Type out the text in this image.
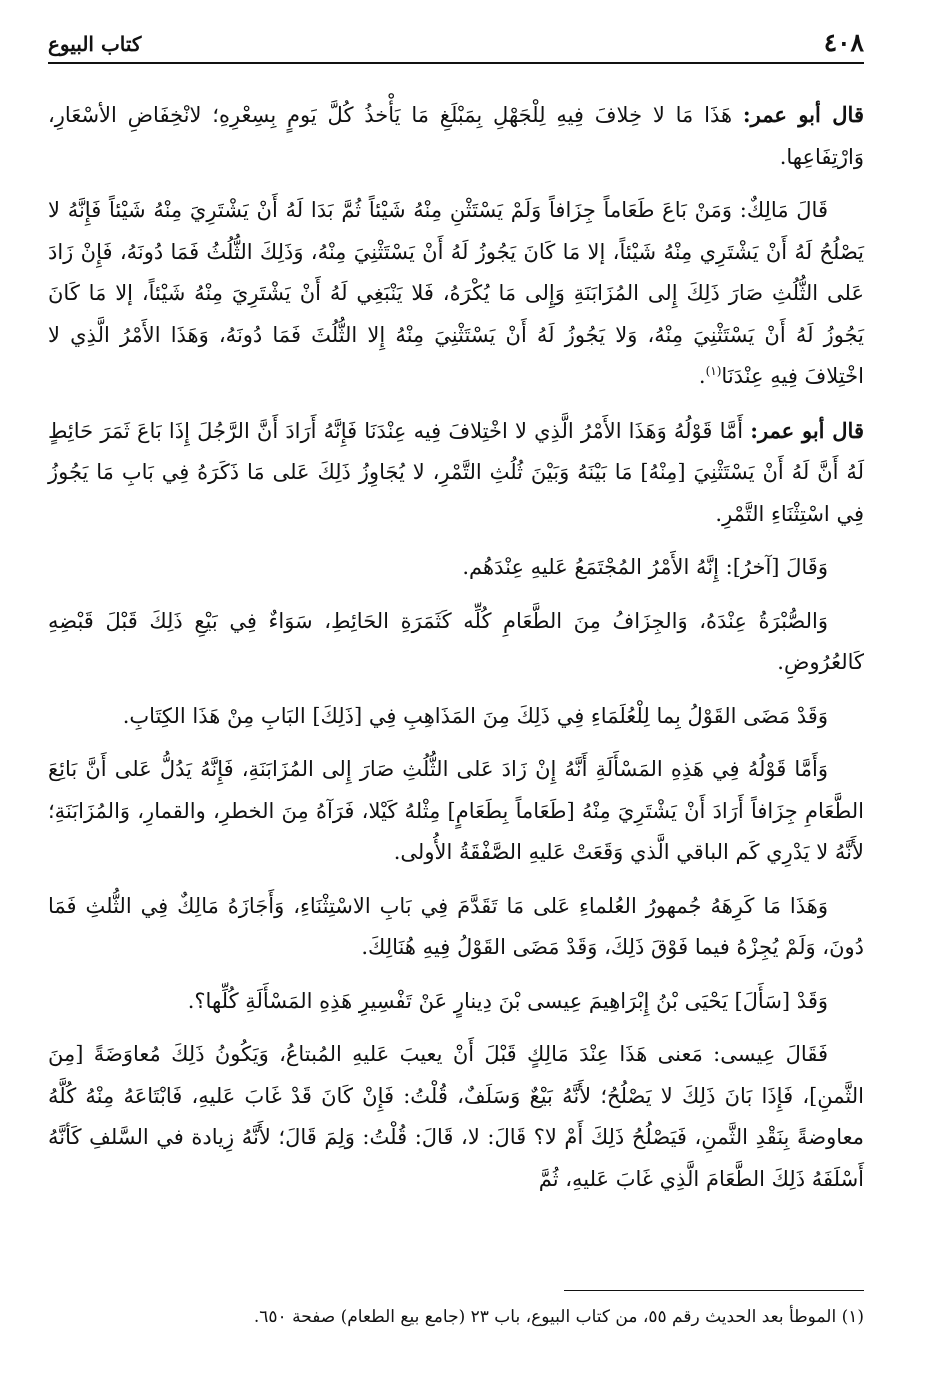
٤٠٨
كتاب البيوع

قال أبو عمر: هَذَا مَا لا خِلافَ فِيهِ لِلْجَهْلِ بِمَبْلَغِ مَا يَأْخذُ كُلَّ يَومٍ بِسِعْرِهِ؛ لانْخِفَاضِ الأسْعَارِ، وَارْتِفَاعِها.

قَالَ مَالِكٌ: وَمَنْ بَاعَ طَعَاماً جِزَافاً وَلَمْ يَسْتَثْنِ مِنْهُ شَيْئاً ثُمَّ بَدَا لَهُ أَنْ يَشْتَرِيَ مِنْهُ شَيْئاً فَإِنَّهُ لا يَصْلُحُ لَهُ أَنْ يَشْتَرِي مِنْهُ شَيْئاً، إلا مَا كَانَ يَجُوزُ لَهُ أَنْ يَسْتَثْنِيَ مِنْهُ، وَذَلِكَ الثُّلُثُ فَمَا دُونَهُ، فَإِنْ زَادَ عَلى الثُّلُثِ صَارَ ذَلِكَ إِلى المُزَابَنَةِ وَإِلى مَا يُكْرَهُ، فَلا يَنْبَغِي لَهُ أَنْ يَشْتَرِيَ مِنْهُ شَيْئاً، إلا مَا كَانَ يَجُوزُ لَهُ أَنْ يَسْتَثْنِيَ مِنْهُ، وَلا يَجُوزُ لَهُ أَنْ يَسْتَثْنِيَ مِنْهُ إِلا الثُّلُثَ فَمَا دُونَهُ، وَهَذَا الأَمْرُ الَّذِي لا اخْتِلافَ فِيهِ عِنْدَنَا$^{(١)}$.

قال أبو عمر: أَمَّا قَوْلُهُ وَهَذَا الأَمْرُ الَّذِي لا اخْتِلافَ فِيه عِنْدَنَا فَإِنَّهُ أَرَادَ أَنَّ الرَّجُلَ إِذَا بَاعَ ثَمَرَ حَائِطٍ لَهُ أَنَّ لَهُ أَنْ يَسْتَثْنِيَ [مِنْهُ] مَا بَيْنَهُ وَبَيْنَ ثُلُثِ التَّمْرِ، لا يُجَاوِزُ ذَلِكَ عَلى مَا ذَكَرَهُ فِي بَابِ مَا يَجُوزُ فِي اسْتِثْنَاءِ التَّمْرِ.

وَقَالَ [آخرُ]: إِنَّهُ الأَمْرُ المُجْتَمَعُ عَليهِ عِنْدَهُم.

وَالصُّبْرَةُ عِنْدَهُ، وَالجِزَافُ مِنَ الطَّعَامِ كُلِّه كَثَمَرَةِ الحَائِطِ، سَوَاءٌ فِي بَيْعِ ذَلِكَ قَبْلَ قَبْضِهِ كَالعُرُوضِ.

وَقَدْ مَضَى القَوْلُ بِما لِلْعُلَمَاءِ فِي ذَلِكَ مِنَ المَذَاهِبِ فِي [ذَلِكَ] البَابِ مِنْ هَذَا الكِتَابِ.

وَأَمَّا قَوْلُهُ فِي هَذِهِ المَسْأَلَةِ أَنَّهُ إِنْ زَادَ عَلى الثُّلُثِ صَارَ إِلى المُزَابَنَةِ، فَإِنَّهُ يَدُلُّ عَلى أَنَّ بَائِعَ الطَّعَامِ جِزَافاً أَرَادَ أَنْ يَشْتَرِيَ مِنْهُ [طَعَاماً بِطَعَامٍ] مِثْلهُ كَيْلا، فَرَآهُ مِنَ الخطرِ، والقمارِ، وَالمُزَابَنَةِ؛ لأَنَّهُ لا يَدْرِي كَم الباقي الَّذي وَقَعَتْ عَليهِ الصَّفْقَةُ الأُولى.

وَهَذَا مَا كَرِهَهُ جُمهورُ العُلماءِ عَلى مَا تَقَدَّمَ فِي بَابِ الاسْتِثْنَاءِ، وَأَجَازَهُ مَالِكٌ فِي الثُّلثِ فَمَا دُونَ، وَلَمْ يُجِزْهُ فيما فَوْقَ ذَلِكَ، وَقَدْ مَضَى القَوْلُ فِيهِ هُنَالِكَ.

وَقَدْ [سَأَلَ] يَحْيَى بْنُ إِبْرَاهِيمَ عِيسى بْنَ دِينارٍ عَنْ تَفْسِيرِ هَذِهِ المَسْأَلَةِ كُلِّها؟.

فَقَالَ عِيسى: مَعنى هَذَا عِنْدَ مَالِكٍ قَبْلَ أَنْ يعيبَ عَليهِ المُبتاعُ، وَيَكُونُ ذَلِكَ مُعاوَضَةً [مِنَ الثَّمنِ]، فَإِذَا بَانَ ذَلِكَ لا يَصْلُحُ؛ لأَنَّهُ بَيْعٌ وَسَلَفٌ، قُلْتُ: فَإِنْ كَانَ قَدْ غَابَ عَليهِ، فَابْتَاعَهُ مِنْهُ كُلَّهُ معاوضةً بِنَقْدِ الثَّمنِ، فَيَصْلُحُ ذَلِكَ أَمْ لا؟ قَالَ: لا، قَالَ: قُلْتُ: وَلِمَ قَالَ؛ لأَنَّهُ زِيادة في السَّلفِ كَأنَّهُ أَسْلَفَهُ ذَلِكَ الطَّعَامَ الَّذِي غَابَ عَليهِ، ثُمَّ

(١) الموطأ بعد الحديث رقم ٥٥، من كتاب البيوع، باب ٢٣ (جامع بيع الطعام) صفحة ٦٥٠.
